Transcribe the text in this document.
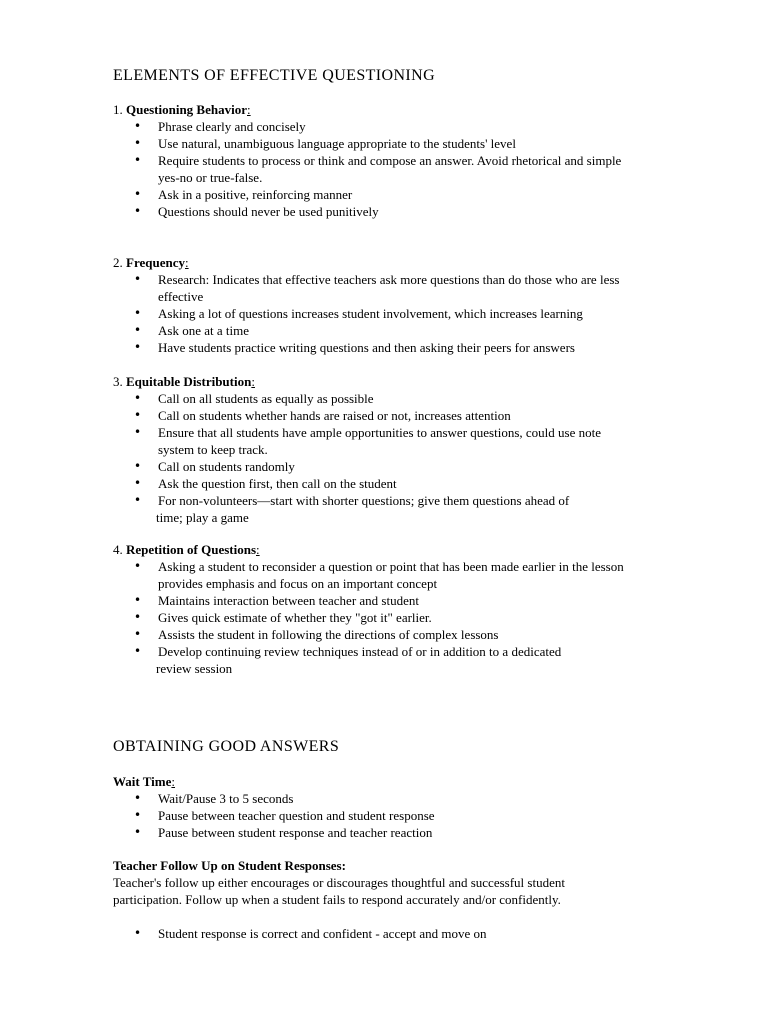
ELEMENTS OF EFFECTIVE QUESTIONING

1. Questioning Behavior:

• Phrase clearly and concisely
• Use natural, unambiguous language appropriate to the students' level
• Require students to process or think and compose an answer. Avoid rhetorical and simple
yes-no or true-false.
• Ask in a positive, reinforcing manner
• Questions should never be used punitively

2. Frequency:

• Research: Indicates that effective teachers ask more questions than do those who are less
effective
• Asking a lot of questions increases student involvement, which increases learning
• Ask one at a time
• Have students practice writing questions and then asking their peers for answers

3. Equitable Distribution:

• Call on all students as equally as possible
• Call on students whether hands are raised or not, increases attention
• Ensure that all students have ample opportunities to answer questions, could use note
system to keep track.
• Call on students randomly
• Ask the question first, then call on the student
• For non-volunteers—start with shorter questions; give them questions ahead of
time; play a game

4. Repetition of Questions:

• Asking a student to reconsider a question or point that has been made earlier in the lesson
provides emphasis and focus on an important concept
• Maintains interaction between teacher and student
• Gives quick estimate of whether they "got it" earlier.
• Assists the student in following the directions of complex lessons
• Develop continuing review techniques instead of or in addition to a dedicated
review session
OBTAINING GOOD ANSWERS

Wait Time:

• Wait/Pause 3 to 5 seconds
• Pause between teacher question and student response
• Pause between student response and teacher reaction

Teacher Follow Up on Student Responses:

Teacher's follow up either encourages or discourages thoughtful and successful student
participation. Follow up when a student fails to respond accurately and/or confidently.

• Student response is correct and confident - accept and move on
